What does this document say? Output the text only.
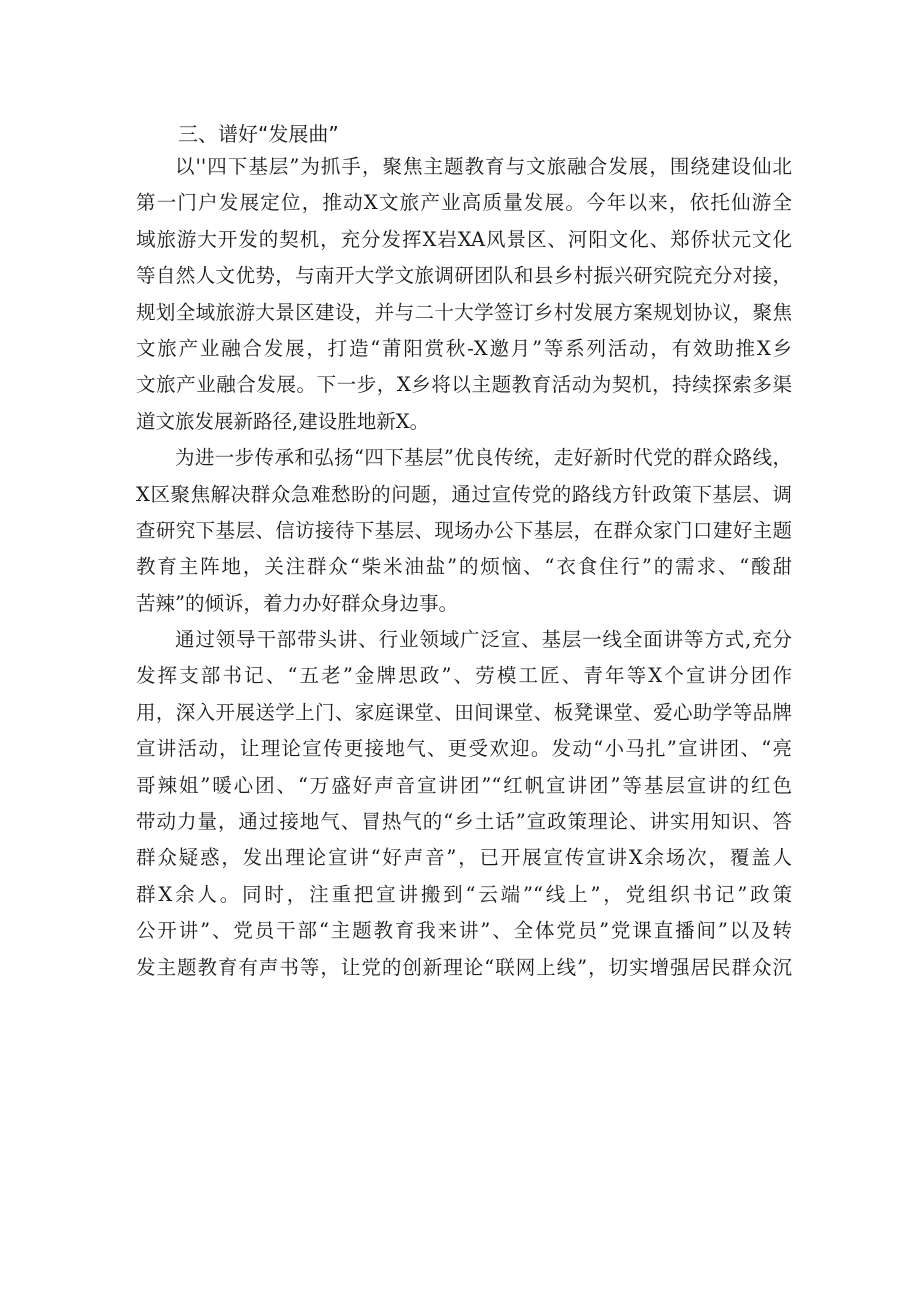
三、谱好“发展曲”

以''四下基层”为抓手，聚焦主题教育与文旅融合发展，围绕建设仙北
第一门户发展定位，推动X文旅产业高质量发展。今年以来，依托仙游全
域旅游大开发的契机，充分发挥X岩XA风景区、河阳文化、郑侨状元文化
等自然人文优势，与南开大学文旅调研团队和县乡村振兴研究院充分对接，
规划全域旅游大景区建设，并与二十大学签订乡村发展方案规划协议，聚焦
文旅产业融合发展，打造“莆阳赏秋-X邀月”等系列活动，有效助推X乡
文旅产业融合发展。下一步，X乡将以主题教育活动为契机，持续探索多渠
道文旅发展新路径,建设胜地新X。

为进一步传承和弘扬“四下基层”优良传统，走好新时代党的群众路线，
X区聚焦解决群众急难愁盼的问题，通过宣传党的路线方针政策下基层、调
查研究下基层、信访接待下基层、现场办公下基层，在群众家门口建好主题
教育主阵地，关注群众“柴米油盐”的烦恼、“衣食住行”的需求、“酸甜
苦辣”的倾诉，着力办好群众身边事。

通过领导干部带头讲、行业领域广泛宣、基层一线全面讲等方式,充分
发挥支部书记、“五老”金牌思政”、劳模工匠、青年等X个宣讲分团作
用，深入开展送学上门、家庭课堂、田间课堂、板凳课堂、爱心助学等品牌
宣讲活动，让理论宣传更接地气、更受欢迎。发动“小马扎”宣讲团、“亮
哥辣姐”暖心团、“万盛好声音宣讲团”“红帆宣讲团”等基层宣讲的红色
带动力量，通过接地气、冒热气的“乡土话”宣政策理论、讲实用知识、答
群众疑惑，发出理论宣讲“好声音”，已开展宣传宣讲X余场次，覆盖人
群X余人。同时，注重把宣讲搬到“云端”“线上”，党组织书记”政策
公开讲”、党员干部“主题教育我来讲”、全体党员”党课直播间”以及转
发主题教育有声书等，让党的创新理论“联网上线”，切实增强居民群众沉
